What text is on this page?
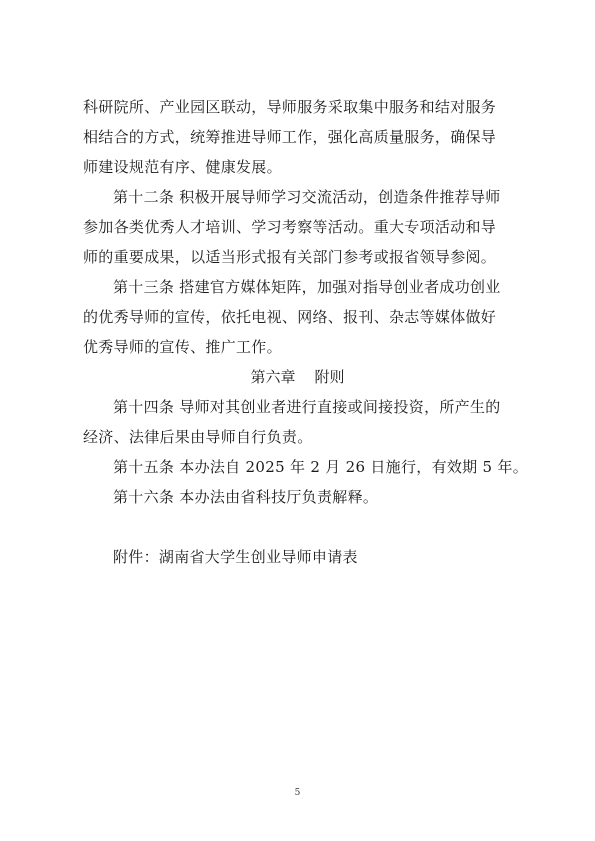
科研院所、产业园区联动，导师服务采取集中服务和结对服务
相结合的方式，统筹推进导师工作，强化高质量服务，确保导
师建设规范有序、健康发展。
第十二条 积极开展导师学习交流活动，创造条件推荐导师
参加各类优秀人才培训、学习考察等活动。重大专项活动和导
师的重要成果，以适当形式报有关部门参考或报省领导参阅。
第十三条 搭建官方媒体矩阵，加强对指导创业者成功创业
的优秀导师的宣传，依托电视、网络、报刊、杂志等媒体做好
优秀导师的宣传、推广工作。
第六章    附则
第十四条 导师对其创业者进行直接或间接投资，所产生的
经济、法律后果由导师自行负责。
第十五条 本办法自 2025 年 2 月 26 日施行，有效期 5 年。
第十六条 本办法由省科技厅负责解释。
附件：湖南省大学生创业导师申请表
5
